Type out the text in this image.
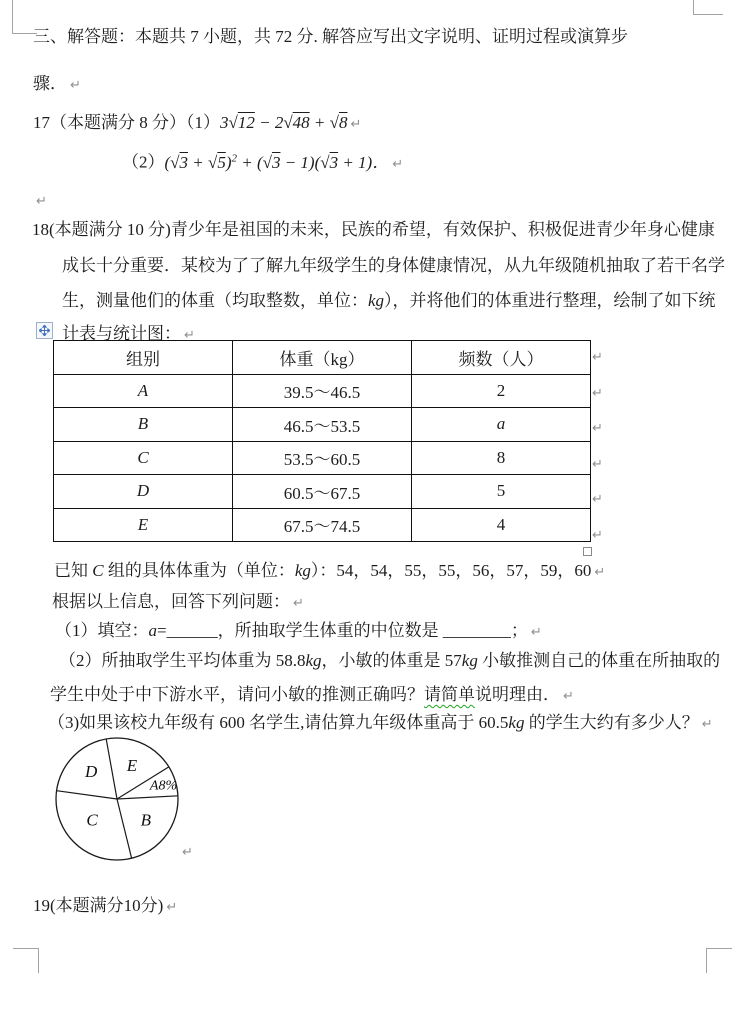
三、解答题：本题共 7 小题，共 72 分. 解答应写出文字说明、证明过程或演算步
骤． ↵
17（本题满分 8 分）（1）3√12 − 2√48 + √8 ↵
$(2)(√3 + √5)^2 + (√3 - 1)(√3 + 1)$． ↵
↵
18(本题满分 10 分)青少年是祖国的未来，民族的希望，有效保护、积极促进青少年身心健康
成长十分重要．某校为了了解九年级学生的身体健康情况，从九年级随机抽取了若干名学
生，测量他们的体重（均取整数，单位：kg），并将他们的体重进行整理，绘制了如下统
计表与统计图： ↵
组别	体重（kg）	频数（人）
A	39.5～46.5	2
B	46.5～53.5	a
C	53.5～60.5	8
D	60.5～67.5	5
E	67.5～74.5	4
↵
↵
↵
↵
↵
↵
已知 C 组的具体体重为（单位：kg）：54，54，55，55，56，57，59，60 ↵
根据以上信息，回答下列问题： ↵
（1）填空：a=______，所抽取学生体重的中位数是 ________； ↵
（2）所抽取学生平均体重为 58.8kg，小敏的体重是 57kg 小敏推测自己的体重在所抽取的
学生中处于中下游水平，请问小敏的推测正确吗？请简单说明理由． ↵
（3)如果该校九年级有 600 名学生,请估算九年级体重高于 60.5kg 的学生大约有多少人？ ↵
A8%
B
C
D E
↵
19(本题满分10分) ↵
